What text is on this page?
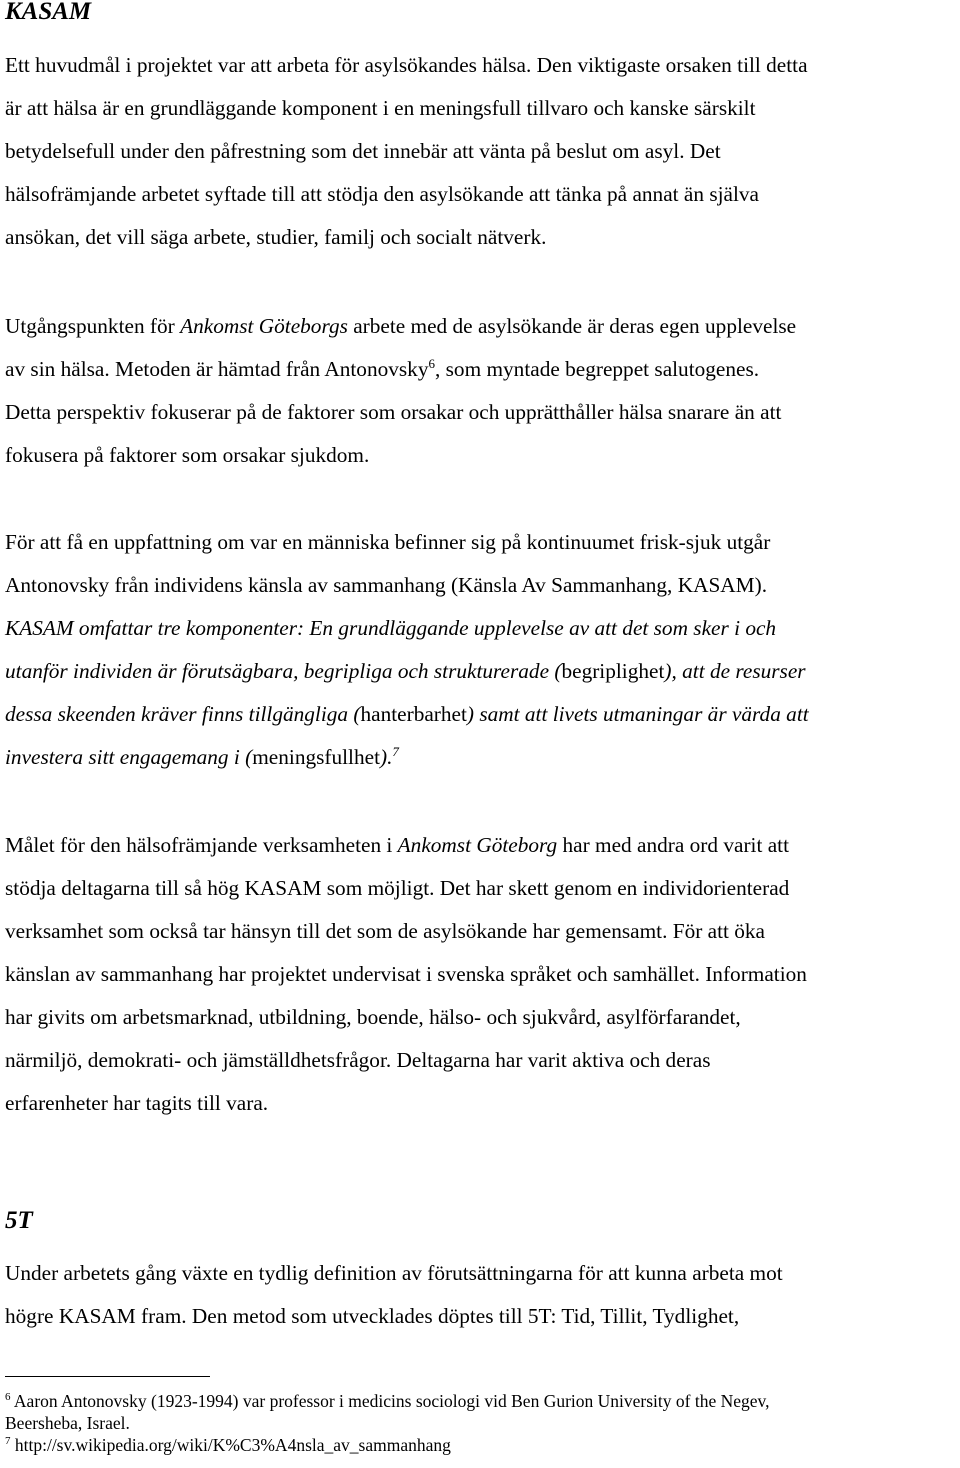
KASAM
Ett huvudmål i projektet var att arbeta för asylsökandes hälsa. Den viktigaste orsaken till detta
är att hälsa är en grundläggande komponent i en meningsfull tillvaro och kanske särskilt
betydelsefull under den påfrestning som det innebär att vänta på beslut om asyl. Det
hälsofrämjande arbetet syftade till att stödja den asylsökande att tänka på annat än själva
ansökan, det vill säga arbete, studier, familj och socialt nätverk.
Utgångspunkten för Ankomst Göteborgs arbete med de asylsökande är deras egen upplevelse
av sin hälsa. Metoden är hämtad från Antonovsky$^6$, som myntade begreppet salutogenes.
Detta perspektiv fokuserar på de faktorer som orsakar och upprätthåller hälsa snarare än att
fokusera på faktorer som orsakar sjukdom.
För att få en uppfattning om var en människa befinner sig på kontinuumet frisk-sjuk utgår
Antonovsky från individens känsla av sammanhang (Känsla Av Sammanhang, KASAM).
KASAM omfattar tre komponenter: En grundläggande upplevelse av att det som sker i och
utanför individen är förutsägbara, begripliga och strukturerade (begriplighet), att de resurser
dessa skeenden kräver finns tillgängliga (hanterbarhet) samt att livets utmaningar är värda att
investera sitt engagemang i (meningsfullhet).$^7$
Målet för den hälsofrämjande verksamheten i Ankomst Göteborg har med andra ord varit att
stödja deltagarna till så hög KASAM som möjligt. Det har skett genom en individorienterad
verksamhet som också tar hänsyn till det som de asylsökande har gemensamt. För att öka
känslan av sammanhang har projektet undervisat i svenska språket och samhället. Information
har givits om arbetsmarknad, utbildning, boende, hälso- och sjukvård, asylförfarandet,
närmiljö, demokrati- och jämställdhetsfrågor. Deltagarna har varit aktiva och deras
erfarenheter har tagits till vara.
5T
Under arbetets gång växte en tydlig definition av förutsättningarna för att kunna arbeta mot
högre KASAM fram. Den metod som utvecklades döptes till 5T: Tid, Tillit, Tydlighet,
$^6$ Aaron Antonovsky (1923-1994) var professor i medicins sociologi vid Ben Gurion University of the Negev,
Beersheba, Israel.
$^7$ http://sv.wikipedia.org/wiki/K%C3%A4nsla_av_sammanhang
